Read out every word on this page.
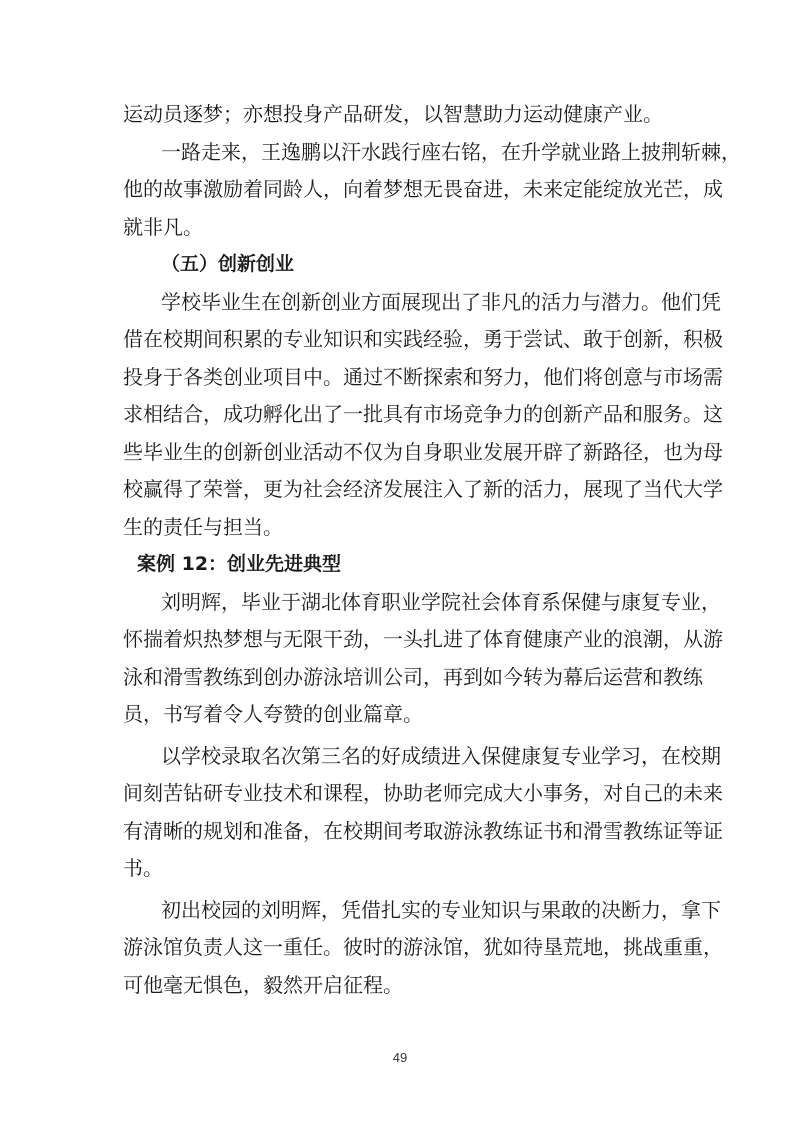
运动员逐梦；亦想投身产品研发，以智慧助力运动健康产业。
一路走来，王逸鹏以汗水践行座右铭，在升学就业路上披荆斩棘，
他的故事激励着同龄人，向着梦想无畏奋进，未来定能绽放光芒，成
就非凡。
（五）创新创业
学校毕业生在创新创业方面展现出了非凡的活力与潜力。他们凭
借在校期间积累的专业知识和实践经验，勇于尝试、敢于创新，积极
投身于各类创业项目中。通过不断探索和努力，他们将创意与市场需
求相结合，成功孵化出了一批具有市场竞争力的创新产品和服务。这
些毕业生的创新创业活动不仅为自身职业发展开辟了新路径，也为母
校赢得了荣誉，更为社会经济发展注入了新的活力，展现了当代大学
生的责任与担当。
案例 12：创业先进典型
刘明辉，毕业于湖北体育职业学院社会体育系保健与康复专业，
怀揣着炽热梦想与无限干劲，一头扎进了体育健康产业的浪潮，从游
泳和滑雪教练到创办游泳培训公司，再到如今转为幕后运营和教练
员，书写着令人夸赞的创业篇章。
以学校录取名次第三名的好成绩进入保健康复专业学习，在校期
间刻苦钻研专业技术和课程，协助老师完成大小事务，对自己的未来
有清晰的规划和准备，在校期间考取游泳教练证书和滑雪教练证等证
书。
初出校园的刘明辉，凭借扎实的专业知识与果敢的决断力，拿下
游泳馆负责人这一重任。彼时的游泳馆，犹如待垦荒地，挑战重重，
可他毫无惧色，毅然开启征程。
49
